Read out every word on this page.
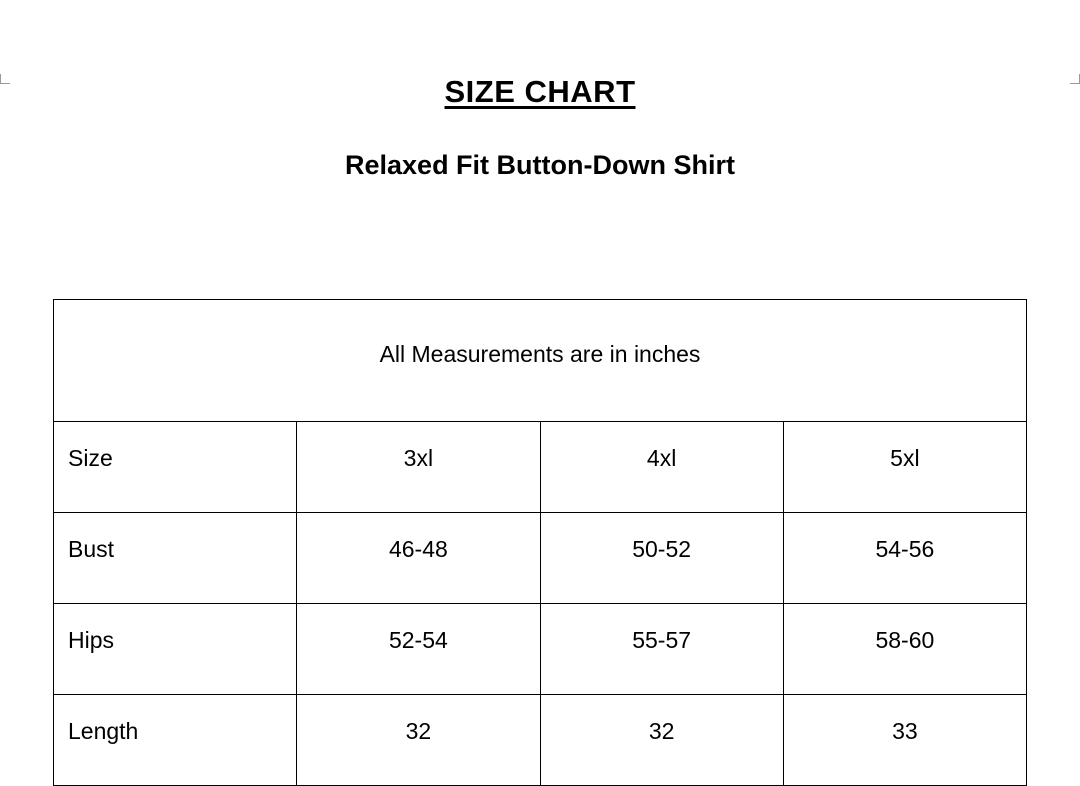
SIZE CHART
Relaxed Fit Button-Down Shirt
All Measurements are in inches			
Size	3xl	4xl	5xl
Bust	46-48	50-52	54-56
Hips	52-54	55-57	58-60
Length	32	32	33
